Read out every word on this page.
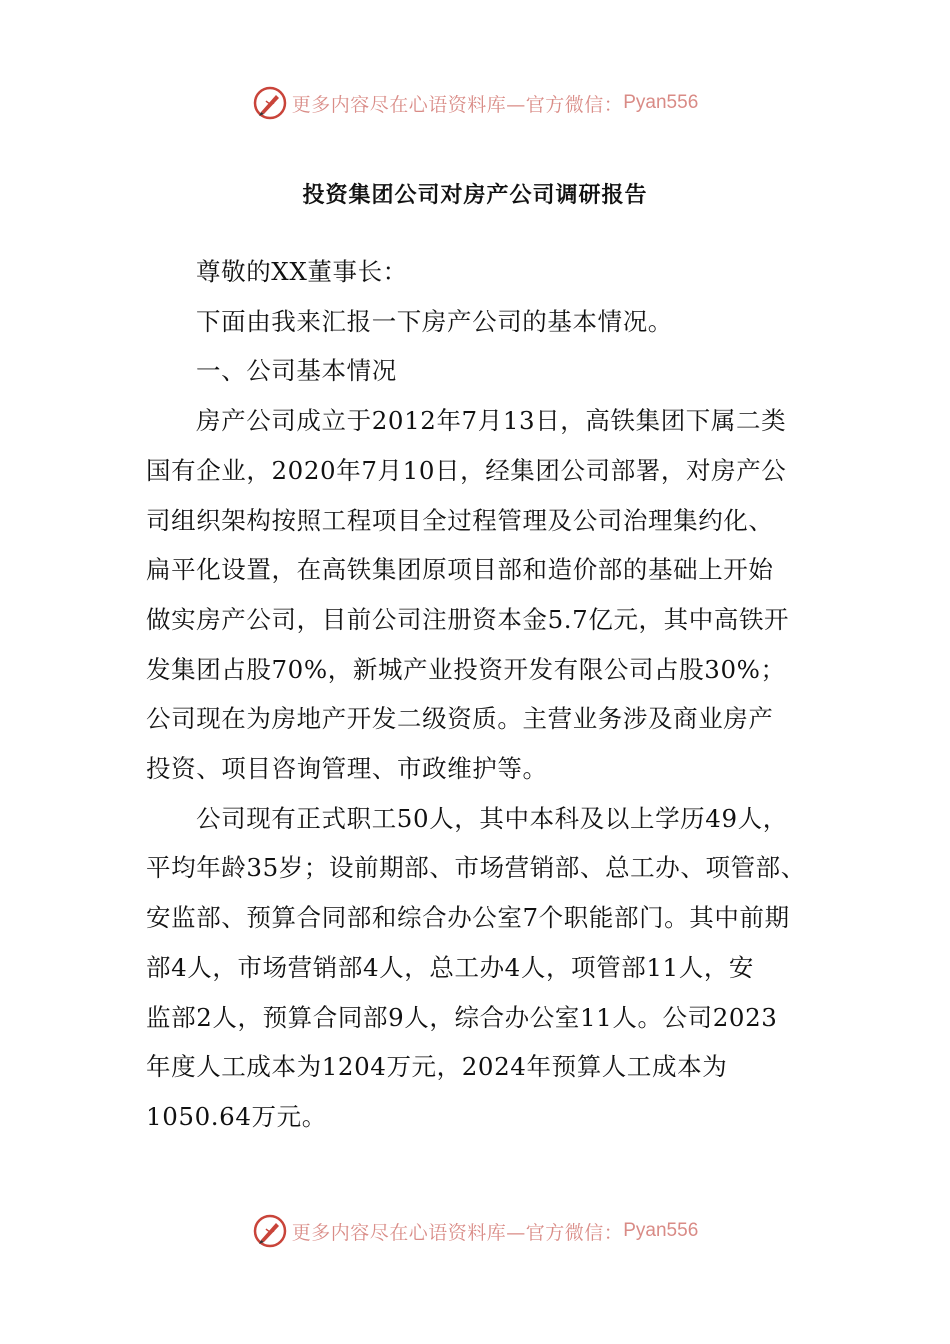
更多内容尽在心语资料库—官方微信： Pyan556
投资集团公司对房产公司调研报告

尊敬的XX董事长：

下面由我来汇报一下房产公司的基本情况。

一、公司基本情况

房产公司成立于2012年7月13日，高铁集团下属二类
国有企业，2020年7月10日，经集团公司部署，对房产公
司组织架构按照工程项目全过程管理及公司治理集约化、
扁平化设置，在高铁集团原项目部和造价部的基础上开始
做实房产公司，目前公司注册资本金5.7亿元，其中高铁开
发集团占股70%，新城产业投资开发有限公司占股30%；
公司现在为房地产开发二级资质。主营业务涉及商业房产
投资、项目咨询管理、市政维护等。
公司现有正式职工50人，其中本科及以上学历49人，
平均年龄35岁；设前期部、市场营销部、总工办、项管部、
安监部、预算合同部和综合办公室7个职能部门。其中前期
部4人，市场营销部4人，总工办4人，项管部11人，安
监部2人，预算合同部9人，综合办公室11人。公司2023
年度人工成本为1204万元，2024年预算人工成本为
1050.64万元。
更多内容尽在心语资料库—官方微信： Pyan556
